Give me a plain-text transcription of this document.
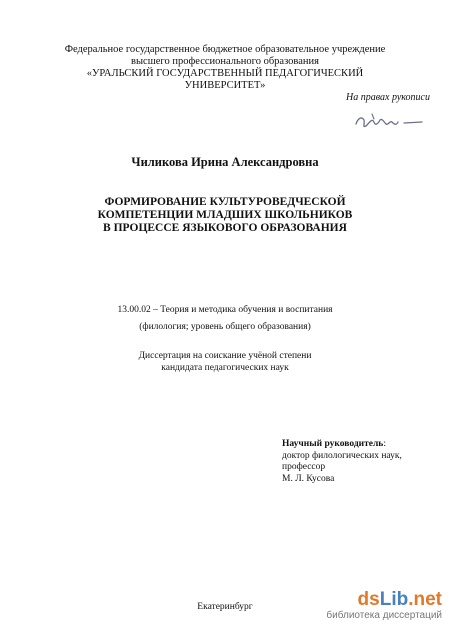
Федеральное государственное бюджетное образовательное учреждение
высшего профессионального образования
«УРАЛЬСКИЙ ГОСУДАРСТВЕННЫЙ ПЕДАГОГИЧЕСКИЙ
УНИВЕРСИТЕТ»
На правах рукописи
Чиликова Ирина Александровна
ФОРМИРОВАНИЕ КУЛЬТУРОВЕДЧЕСКОЙ
КОМПЕТЕНЦИИ МЛАДШИХ ШКОЛЬНИКОВ
В ПРОЦЕССЕ ЯЗЫКОВОГО ОБРАЗОВАНИЯ
13.00.02 – Теория и методика обучения и воспитания
(филология; уровень общего образования)
Диссертация на соискание учёной степени
кандидата педагогических наук
Научный руководитель:
доктор филологических наук,
профессор
М. Л. Кусова
Екатеринбург	dsLib.net
библиотека диссертаций
